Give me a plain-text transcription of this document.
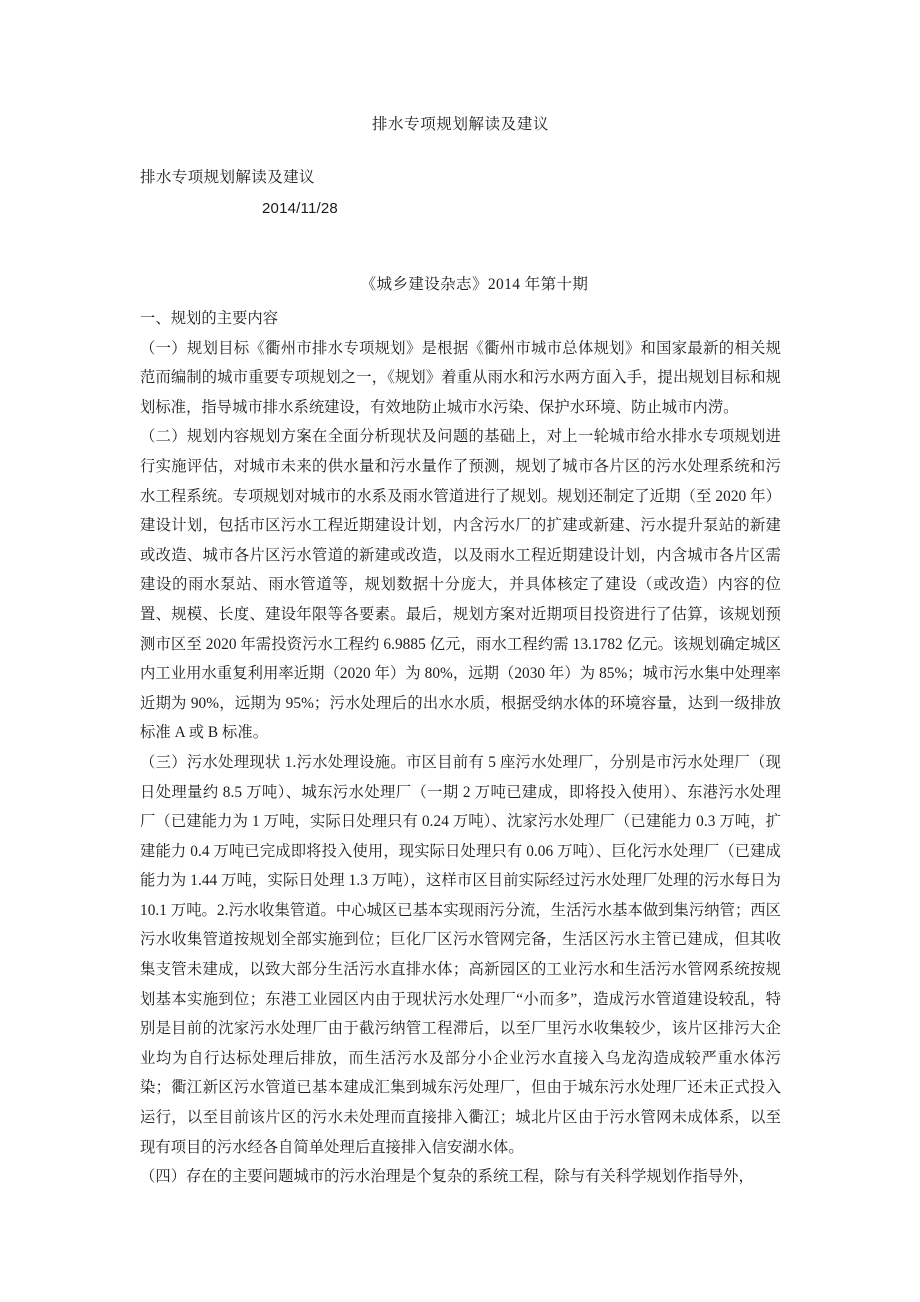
排水专项规划解读及建议

排水专项规划解读及建议

2014/11/28

《城乡建设杂志》2014 年第十期

一、规划的主要内容

（一）规划目标《衢州市排水专项规划》是根据《衢州市城市总体规划》和国家最新的相关规范而编制的城市重要专项规划之一，《规划》着重从雨水和污水两方面入手，提出规划目标和规划标准，指导城市排水系统建设，有效地防止城市水污染、保护水环境、防止城市内涝。

（二）规划内容规划方案在全面分析现状及问题的基础上，对上一轮城市给水排水专项规划进行实施评估，对城市未来的供水量和污水量作了预测，规划了城市各片区的污水处理系统和污水工程系统。专项规划对城市的水系及雨水管道进行了规划。规划还制定了近期（至 2020 年）建设计划，包括市区污水工程近期建设计划，内含污水厂的扩建或新建、污水提升泵站的新建或改造、城市各片区污水管道的新建或改造，以及雨水工程近期建设计划，内含城市各片区需建设的雨水泵站、雨水管道等，规划数据十分庞大，并具体核定了建设（或改造）内容的位置、规模、长度、建设年限等各要素。最后，规划方案对近期项目投资进行了估算，该规划预测市区至 2020 年需投资污水工程约 6.9885 亿元，雨水工程约需 13.1782 亿元。该规划确定城区内工业用水重复利用率近期（2020 年）为 80%，远期（2030 年）为 85%；城市污水集中处理率近期为 90%，远期为 95%；污水处理后的出水水质，根据受纳水体的环境容量，达到一级排放标准 A 或 B 标准。

（三）污水处理现状 1.污水处理设施。市区目前有 5 座污水处理厂，分别是市污水处理厂（现日处理量约 8.5 万吨）、城东污水处理厂（一期 2 万吨已建成，即将投入使用）、东港污水处理厂（已建能力为 1 万吨，实际日处理只有 0.24 万吨）、沈家污水处理厂（已建能力 0.3 万吨，扩建能力 0.4 万吨已完成即将投入使用，现实际日处理只有 0.06 万吨）、巨化污水处理厂（已建成能力为 1.44 万吨，实际日处理 1.3 万吨），这样市区目前实际经过污水处理厂处理的污水每日为 10.1 万吨。2.污水收集管道。中心城区已基本实现雨污分流，生活污水基本做到集污纳管；西区污水收集管道按规划全部实施到位；巨化厂区污水管网完备，生活区污水主管已建成，但其收集支管未建成，以致大部分生活污水直排水体；高新园区的工业污水和生活污水管网系统按规划基本实施到位；东港工业园区内由于现状污水处理厂“小而多”，造成污水管道建设较乱，特别是目前的沈家污水处理厂由于截污纳管工程滞后，以至厂里污水收集较少，该片区排污大企业均为自行达标处理后排放，而生活污水及部分小企业污水直接入乌龙沟造成较严重水体污染；衢江新区污水管道已基本建成汇集到城东污处理厂，但由于城东污水处理厂还未正式投入运行，以至目前该片区的污水未处理而直接排入衢江；城北片区由于污水管网未成体系，以至现有项目的污水经各自简单处理后直接排入信安湖水体。

（四）存在的主要问题城市的污水治理是个复杂的系统工程，除与有关科学规划作指导外，
